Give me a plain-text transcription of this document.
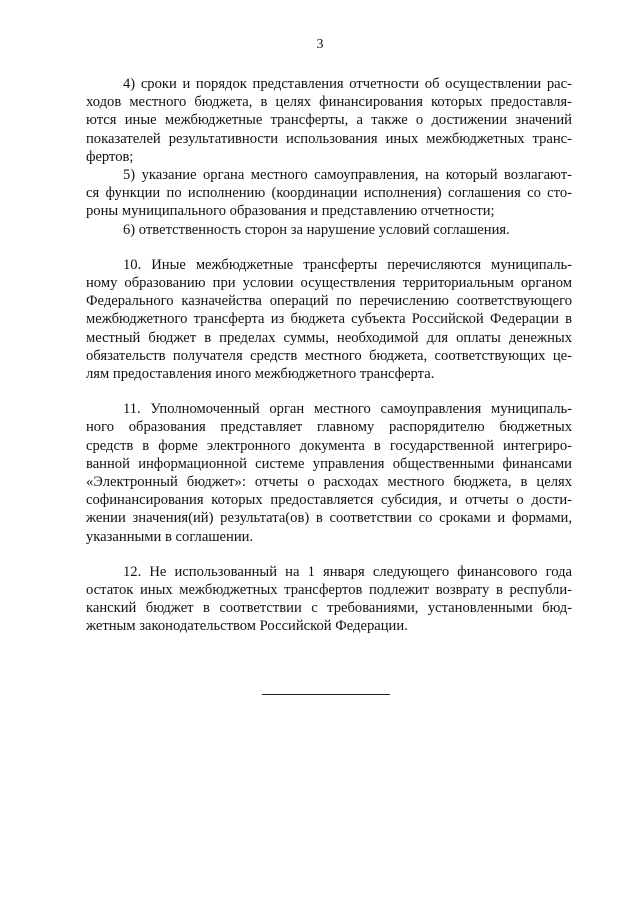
3
4) сроки и порядок представления отчетности об осуществлении рас-
ходов местного бюджета, в целях финансирования которых предоставля-
ются иные межбюджетные трансферты, а также о достижении значений
показателей результативности использования иных межбюджетных транс-
фертов;
5) указание органа местного самоуправления, на который возлагают-
ся функции по исполнению (координации исполнения) соглашения со сто-
роны муниципального образования и представлению отчетности;
6) ответственность сторон за нарушение условий соглашения.
10. Иные межбюджетные трансферты перечисляются муниципаль-
ному образованию при условии осуществления территориальным органом
Федерального казначейства операций по перечислению соответствующего
межбюджетного трансферта из бюджета субъекта Российской Федерации в
местный бюджет в пределах суммы, необходимой для оплаты денежных
обязательств получателя средств местного бюджета, соответствующих це-
лям предоставления иного межбюджетного трансферта.
11. Уполномоченный орган местного самоуправления муниципаль-
ного образования представляет главному распорядителю бюджетных
средств в форме электронного документа в государственной интегриро-
ванной информационной системе управления общественными финансами
«Электронный бюджет»: отчеты о расходах местного бюджета, в целях
софинансирования которых предоставляется субсидия, и отчеты о дости-
жении значения(ий) результата(ов) в соответствии со сроками и формами,
указанными в соглашении.
12. Не использованный на 1 января следующего финансового года
остаток иных межбюджетных трансфертов подлежит возврату в республи-
канский бюджет в соответствии с требованиями, установленными бюд-
жетным законодательством Российской Федерации.
